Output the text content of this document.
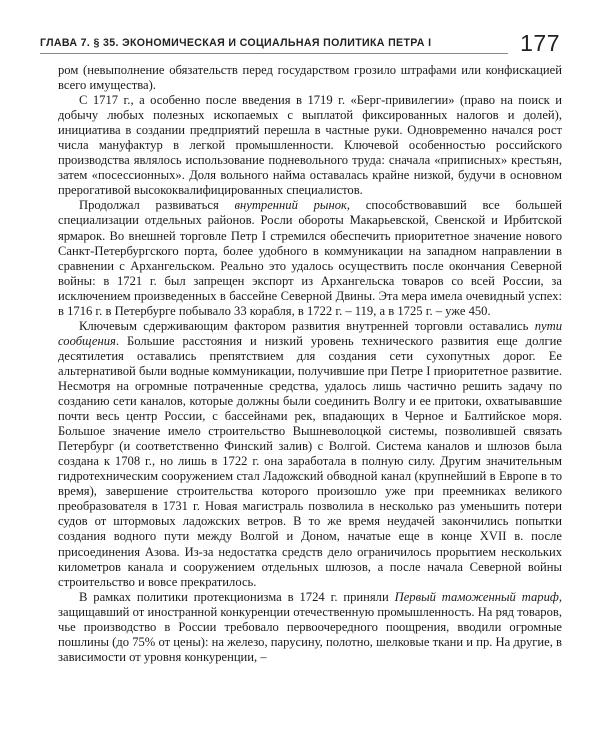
ГЛАВА 7. § 35. ЭКОНОМИЧЕСКАЯ И СОЦИАЛЬНАЯ ПОЛИТИКА ПЕТРА I	177

ром (невыполнение обязательств перед государством грозило штрафами или конфискацией всего имущества).

С 1717 г., а особенно после введения в 1719 г. «Берг-привилегии» (право на поиск и добычу любых полезных ископаемых с выплатой фиксированных налогов и долей), инициатива в создании предприятий перешла в частные руки. Одновременно начался рост числа мануфактур в легкой промышленности. Ключевой особенностью российского производства являлось использование подневольного труда: сначала «приписных» крестьян, затем «посессионных». Доля вольного найма оставалась крайне низкой, будучи в основном прерогативой высококвалифицированных специалистов.

Продолжал развиваться внутренний рынок, способствовавший все большей специализации отдельных районов. Росли обороты Макарьевской, Свенской и Ирбитской ярмарок. Во внешней торговле Петр I стремился обеспечить приоритетное значение нового Санкт-Петербургского порта, более удобного в коммуникации на западном направлении в сравнении с Архангельском. Реально это удалось осуществить после окончания Северной войны: в 1721 г. был запрещен экспорт из Архангельска товаров со всей России, за исключением произведенных в бассейне Северной Двины. Эта мера имела очевидный успех: в 1716 г. в Петербурге побывало 33 корабля, в 1722 г. – 119, а в 1725 г. – уже 450.

Ключевым сдерживающим фактором развития внутренней торговли оставались пути сообщения. Большие расстояния и низкий уровень технического развития еще долгие десятилетия оставались препятствием для создания сети сухопутных дорог. Ее альтернативой были водные коммуникации, получившие при Петре I приоритетное развитие. Несмотря на огромные потраченные средства, удалось лишь частично решить задачу по созданию сети каналов, которые должны были соединить Волгу и ее притоки, охватывавшие почти весь центр России, с бассейнами рек, впадающих в Черное и Балтийское моря. Большое значение имело строительство Вышневолоцкой системы, позволившей связать Петербург (и соответственно Финский залив) с Волгой. Система каналов и шлюзов была создана к 1708 г., но лишь в 1722 г. она заработала в полную силу. Другим значительным гидротехническим сооружением стал Ладожский обводной канал (крупнейший в Европе в то время), завершение строительства которого произошло уже при преемниках великого преобразователя в 1731 г. Новая магистраль позволила в несколько раз уменьшить потери судов от штормовых ладожских ветров. В то же время неудачей закончились попытки создания водного пути между Волгой и Доном, начатые еще в конце XVII в. после присоединения Азова. Из-за недостатка средств дело ограничилось прорытием нескольких километров канала и сооружением отдельных шлюзов, а после начала Северной войны строительство и вовсе прекратилось.

В рамках политики протекционизма в 1724 г. приняли Первый таможенный тариф, защищавший от иностранной конкуренции отечественную промышленность. На ряд товаров, чье производство в России требовало первоочередного поощрения, вводили огромные пошлины (до 75% от цены): на железо, парусину, полотно, шелковые ткани и пр. На другие, в зависимости от уровня конкуренции, –
